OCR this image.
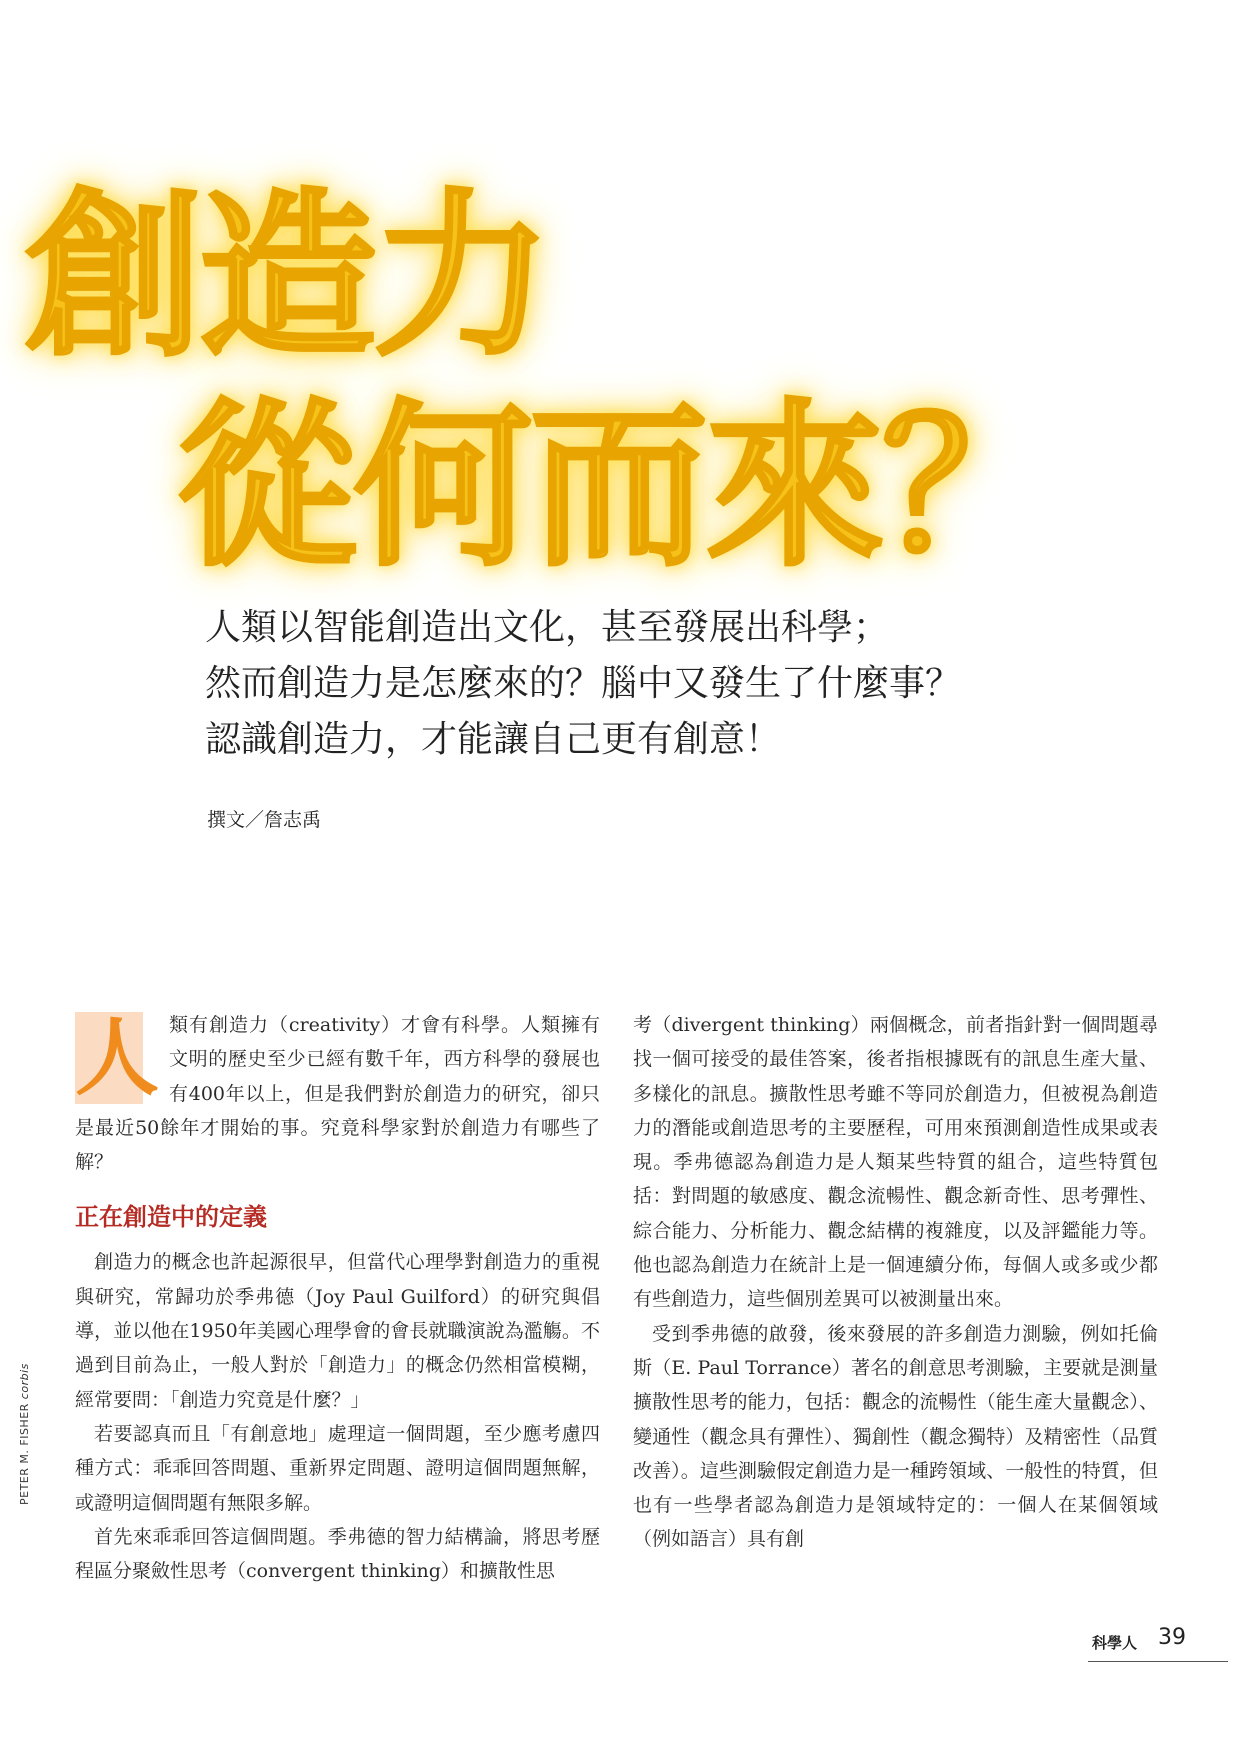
創造力
從何而來？
人類以智能創造出文化，甚至發展出科學；
然而創造力是怎麼來的？腦中又發生了什麼事？
認識創造力，才能讓自己更有創意！
撰文／詹志禹

人 類有創造力（creativity）才會有科學。人類擁有文明的歷史至少已經有數千年，西方科學的發展也有400年以上，但是我們對於創造力的研究，卻只是最近50餘年才開始的事。究竟科學家對於創造力有哪些了解？

正在創造中的定義

創造力的概念也許起源很早，但當代心理學對創造力的重視與研究，常歸功於季弗德（Joy Paul Guilford）的研究與倡導，並以他在1950年美國心理學會的會長就職演說為濫觴。不過到目前為止，一般人對於「創造力」的概念仍然相當模糊，經常要問：「創造力究竟是什麼？」

若要認真而且「有創意地」處理這一個問題，至少應考慮四種方式：乖乖回答問題、重新界定問題、證明這個問題無解，或證明這個問題有無限多解。

首先來乖乖回答這個問題。季弗德的智力結構論，將思考歷程區分聚斂性思考（convergent thinking）和擴散性思

考（divergent thinking）兩個概念，前者指針對一個問題尋找一個可接受的最佳答案，後者指根據既有的訊息生產大量、多樣化的訊息。擴散性思考雖不等同於創造力，但被視為創造力的潛能或創造思考的主要歷程，可用來預測創造性成果或表現。季弗德認為創造力是人類某些特質的組合，這些特質包括：對問題的敏感度、觀念流暢性、觀念新奇性、思考彈性、綜合能力、分析能力、觀念結構的複雜度，以及評鑑能力等。他也認為創造力在統計上是一個連續分佈，每個人或多或少都有些創造力，這些個別差異可以被測量出來。

受到季弗德的啟發，後來發展的許多創造力測驗，例如托倫斯（E. Paul Torrance）著名的創意思考測驗，主要就是測量擴散性思考的能力，包括：觀念的流暢性（能生產大量觀念）、變通性（觀念具有彈性）、獨創性（觀念獨特）及精密性（品質改善）。這些測驗假定創造力是一種跨領域、一般性的特質，但也有一些學者認為創造力是領域特定的：一個人在某個領域（例如語言）具有創

PETER M. FISHER corbis
科學人 39
